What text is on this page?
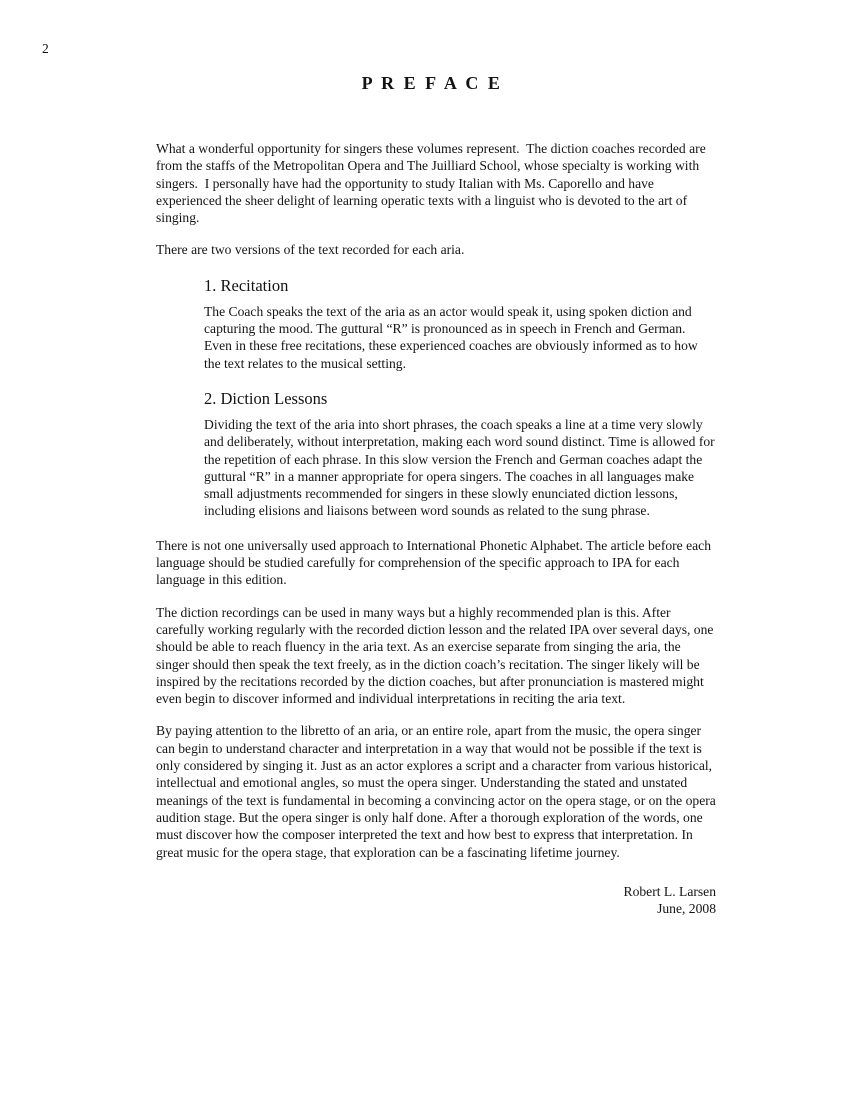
2
P R E F A C E

What a wonderful opportunity for singers these volumes represent.  The diction coaches recorded are from the staffs of the Metropolitan Opera and The Juilliard School, whose specialty is working with singers.  I personally have had the opportunity to study Italian with Ms. Caporello and have experienced the sheer delight of learning operatic texts with a linguist who is devoted to the art of singing.

There are two versions of the text recorded for each aria.

1. Recitation

The Coach speaks the text of the aria as an actor would speak it, using spoken diction and capturing the mood. The guttural “R” is pronounced as in speech in French and German. Even in these free recitations, these experienced coaches are obviously informed as to how the text relates to the musical setting.

2. Diction Lessons

Dividing the text of the aria into short phrases, the coach speaks a line at a time very slowly and deliberately, without interpretation, making each word sound distinct. Time is allowed for the repetition of each phrase. In this slow version the French and German coaches adapt the guttural “R” in a manner appropriate for opera singers. The coaches in all languages make small adjustments recommended for singers in these slowly enunciated diction lessons, including elisions and liaisons between word sounds as related to the sung phrase.

There is not one universally used approach to International Phonetic Alphabet. The article before each language should be studied carefully for comprehension of the specific approach to IPA for each language in this edition.

The diction recordings can be used in many ways but a highly recommended plan is this. After carefully working regularly with the recorded diction lesson and the related IPA over several days, one should be able to reach fluency in the aria text. As an exercise separate from singing the aria, the singer should then speak the text freely, as in the diction coach’s recitation. The singer likely will be inspired by the recitations recorded by the diction coaches, but after pronunciation is mastered might even begin to discover informed and individual interpretations in reciting the aria text.

By paying attention to the libretto of an aria, or an entire role, apart from the music, the opera singer can begin to understand character and interpretation in a way that would not be possible if the text is only considered by singing it. Just as an actor explores a script and a character from various historical, intellectual and emotional angles, so must the opera singer. Understanding the stated and unstated meanings of the text is fundamental in becoming a convincing actor on the opera stage, or on the opera audition stage. But the opera singer is only half done. After a thorough exploration of the words, one must discover how the composer interpreted the text and how best to express that interpretation. In great music for the opera stage, that exploration can be a fascinating lifetime journey.

Robert L. Larsen
June, 2008
